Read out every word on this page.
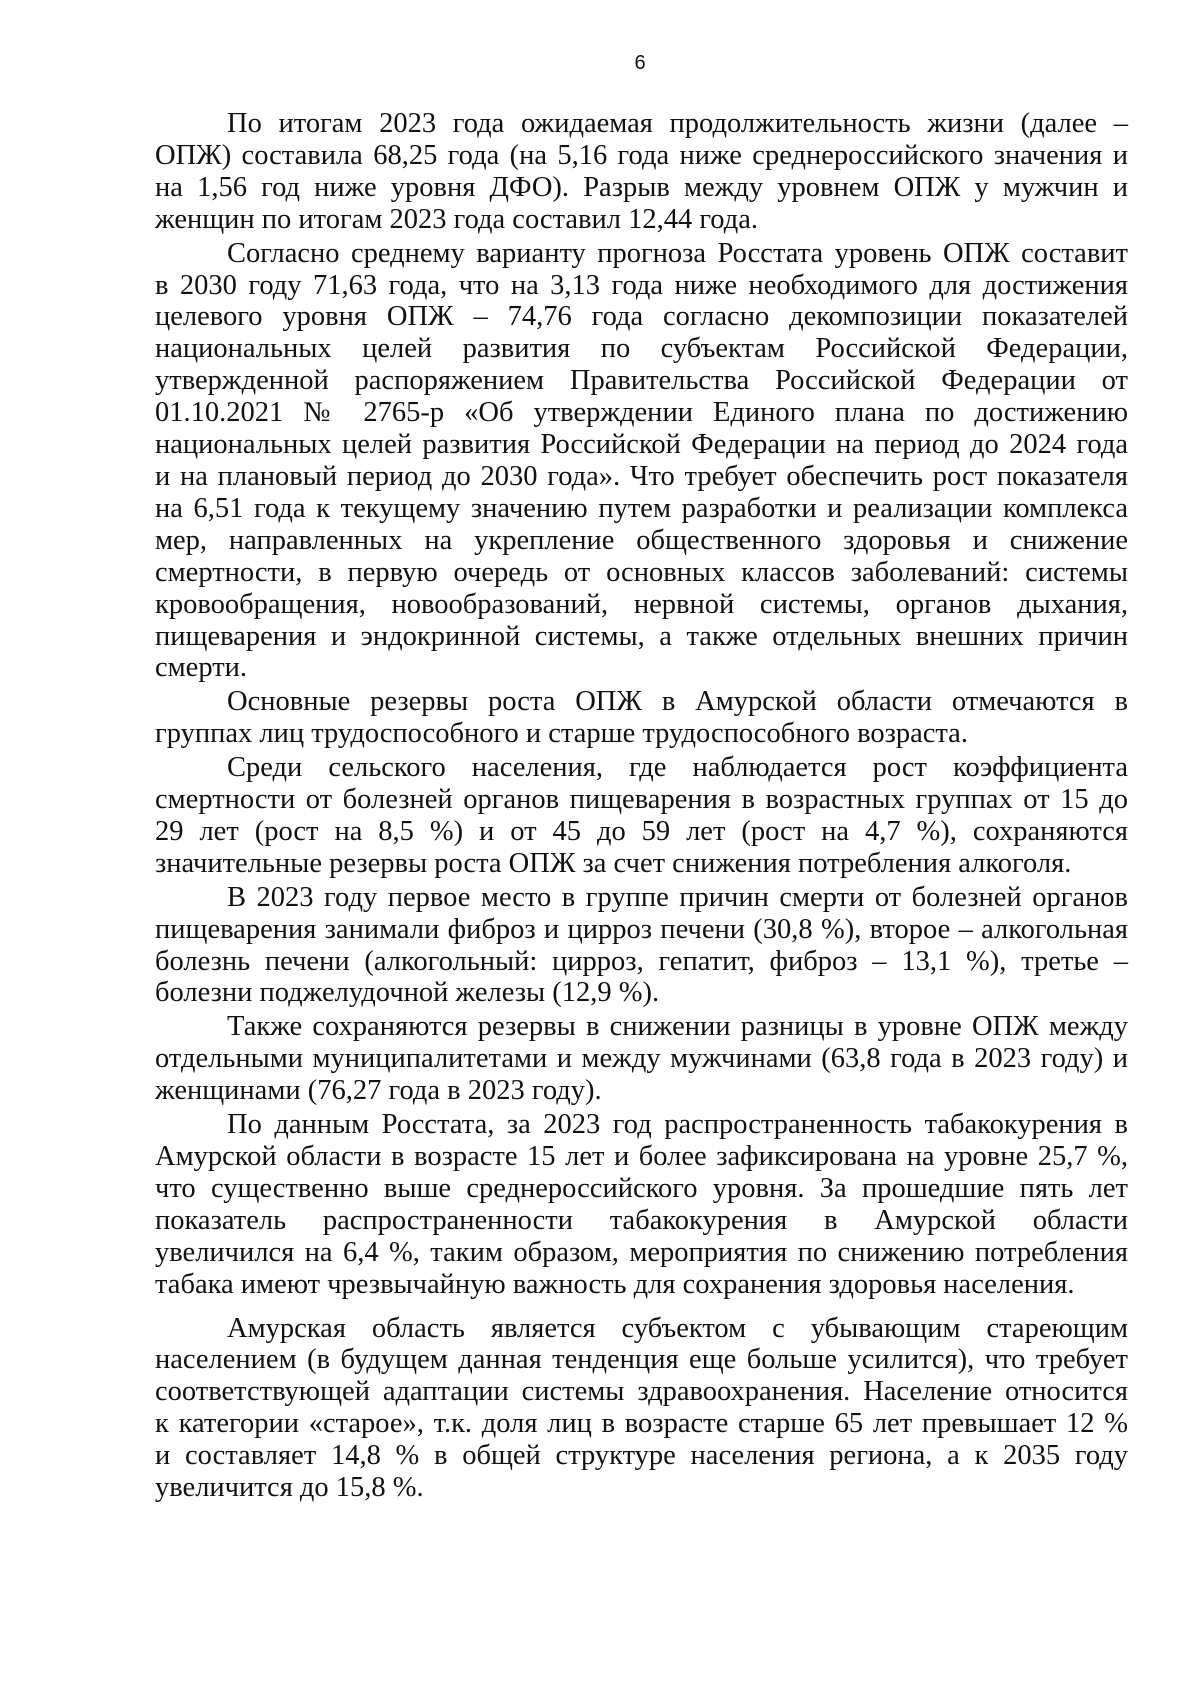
6

По итогам 2023 года ожидаемая продолжительность жизни (далее –
ОПЖ) составила 68,25 года (на 5,16 года ниже среднероссийского значения и
на 1,56 год ниже уровня ДФО). Разрыв между уровнем ОПЖ у мужчин и
женщин по итогам 2023 года составил 12,44 года.

Согласно среднему варианту прогноза Росстата уровень ОПЖ составит
в 2030 году 71,63 года, что на 3,13 года ниже необходимого для достижения
целевого уровня ОПЖ – 74,76 года согласно декомпозиции показателей
национальных целей развития по субъектам Российской Федерации,
утвержденной распоряжением Правительства Российской Федерации от
01.10.2021 № 2765-р «Об утверждении Единого плана по достижению
национальных целей развития Российской Федерации на период до 2024 года
и на плановый период до 2030 года». Что требует обеспечить рост показателя
на 6,51 года к текущему значению путем разработки и реализации комплекса
мер, направленных на укрепление общественного здоровья и снижение
смертности, в первую очередь от основных классов заболеваний: системы
кровообращения, новообразований, нервной системы, органов дыхания,
пищеварения и эндокринной системы, а также отдельных внешних причин
смерти.

Основные резервы роста ОПЖ в Амурской области отмечаются в
группах лиц трудоспособного и старше трудоспособного возраста.

Среди сельского населения, где наблюдается рост коэффициента
смертности от болезней органов пищеварения в возрастных группах от 15 до
29 лет (рост на 8,5 %) и от 45 до 59 лет (рост на 4,7 %), сохраняются
значительные резервы роста ОПЖ за счет снижения потребления алкоголя.

В 2023 году первое место в группе причин смерти от болезней органов
пищеварения занимали фиброз и цирроз печени (30,8 %), второе – алкогольная
болезнь печени (алкогольный: цирроз, гепатит, фиброз – 13,1 %), третье –
болезни поджелудочной железы (12,9 %).

Также сохраняются резервы в снижении разницы в уровне ОПЖ между
отдельными муниципалитетами и между мужчинами (63,8 года в 2023 году) и
женщинами (76,27 года в 2023 году).

По данным Росстата, за 2023 год распространенность табакокурения в
Амурской области в возрасте 15 лет и более зафиксирована на уровне 25,7 %,
что существенно выше среднероссийского уровня. За прошедшие пять лет
показатель распространенности табакокурения в Амурской области
увеличился на 6,4 %, таким образом, мероприятия по снижению потребления
табака имеют чрезвычайную важность для сохранения здоровья населения.

Амурская область является субъектом с убывающим стареющим
населением (в будущем данная тенденция еще больше усилится), что требует
соответствующей адаптации системы здравоохранения. Население относится
к категории «старое», т.к. доля лиц в возрасте старше 65 лет превышает 12 %
и составляет 14,8 % в общей структуре населения региона, а к 2035 году
увеличится до 15,8 %.
